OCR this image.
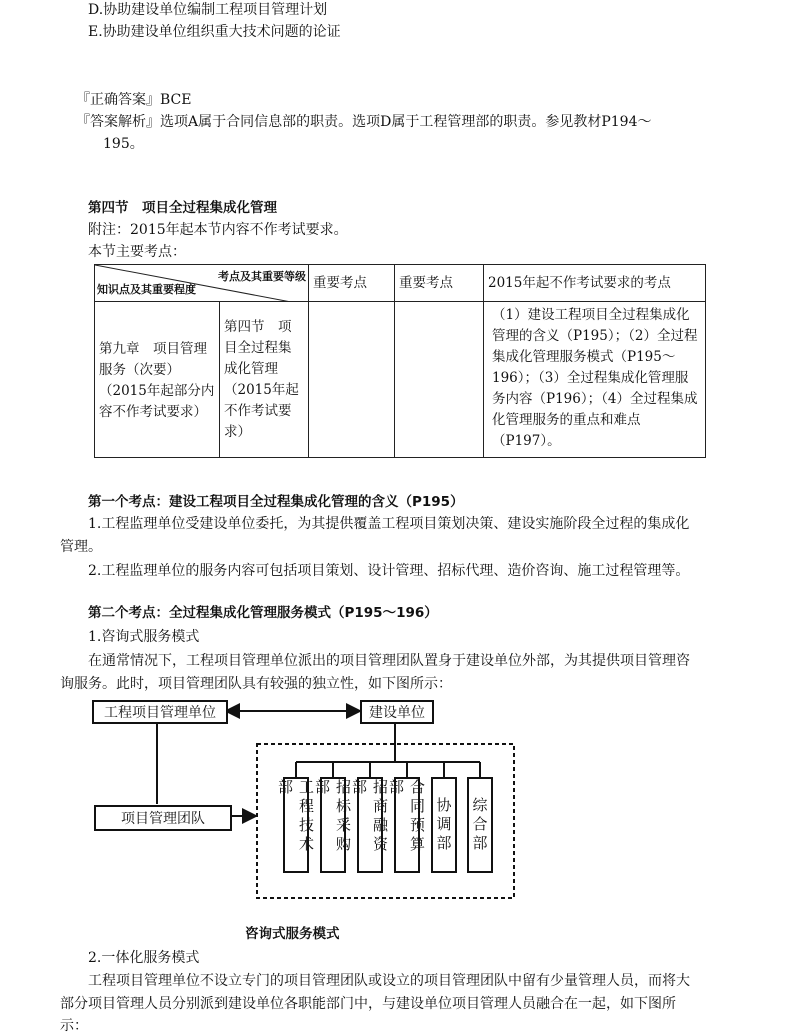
D.协助建设单位编制工程项目管理计划
E.协助建设单位组织重大技术问题的论证
『正确答案』BCE
『答案解析』选项A属于合同信息部的职责。选项D属于工程管理部的职责。参见教材P194～
195。
第四节　项目全过程集成化管理
附注：2015年起本节内容不作考试要求。
本节主要考点：
考点及其重要等级
知识点及其重要程度		重要考点	重要考点	2015年起不作考试要求的考点
第九章　项目管理服务（次要）（2015年起部分内容不作考试要求）	第四节　项目全过程集成化管理（2015年起不作考试要求）			（1）建设工程项目全过程集成化管理的含义（P195）；（2）全过程集成化管理服务模式（P195～196）；（3）全过程集成化管理服务内容（P196）；（4）全过程集成化管理服务的重点和难点（P197）。
第一个考点：建设工程项目全过程集成化管理的含义（P195）
1.工程监理单位受建设单位委托，为其提供覆盖工程项目策划决策、建设实施阶段全过程的集成化
管理。
2.工程监理单位的服务内容可包括项目策划、设计管理、招标代理、造价咨询、施工过程管理等。
第二个考点：全过程集成化管理服务模式（P195～196）
1.咨询式服务模式
在通常情况下，工程项目管理单位派出的项目管理团队置身于建设单位外部，为其提供项目管理咨
询服务。此时，项目管理团队具有较强的独立性，如下图所示：
工程项目管理单位	建设单位
项目管理团队	工程技术部	招标采购部	招商融资部	合同预算部
协调部	综合部
咨询式服务模式
2.一体化服务模式
工程项目管理单位不设立专门的项目管理团队或设立的项目管理团队中留有少量管理人员，而将大
部分项目管理人员分别派到建设单位各职能部门中，与建设单位项目管理人员融合在一起，如下图所
示：
